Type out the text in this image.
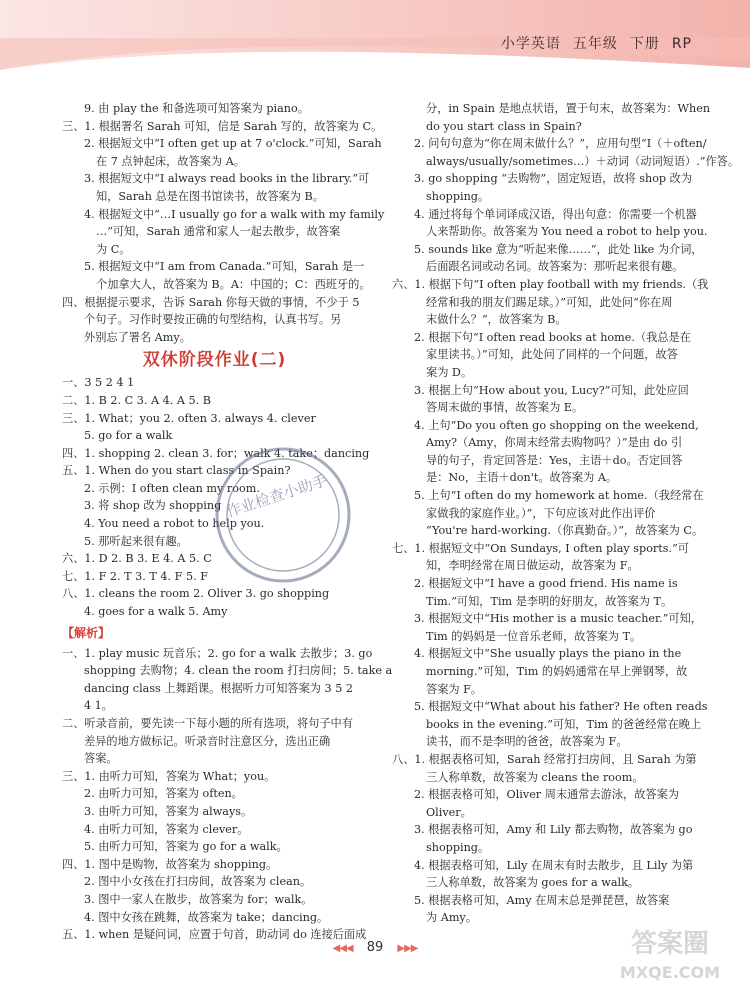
小学英语 五年级 下册 RP
9. 由 play the 和备选项可知答案为 piano。
三、1. 根据署名 Sarah 可知，信是 Sarah 写的，故答案为 C。
2. 根据短文中“I often get up at 7 o'clock.”可知，Sarah
在 7 点钟起床，故答案为 A。
3. 根据短文中“I always read books in the library.”可
知，Sarah 总是在图书馆读书，故答案为 B。
4. 根据短文中“…I usually go for a walk with my family
…”可知，Sarah 通常和家人一起去散步，故答案
为 C。
5. 根据短文中“I am from Canada.”可知，Sarah 是一
个加拿大人，故答案为 B。A：中国的；C：西班牙的。
四、根据提示要求，告诉 Sarah 你每天做的事情，不少于 5
个句子。习作时要按正确的句型结构，认真书写。另
外别忘了署名 Amy。
双休阶段作业(二)
一、3 5 2 4 1
二、1. B 2. C 3. A 4. A 5. B
三、1. What；you 2. often 3. always 4. clever
5. go for a walk
四、1. shopping 2. clean 3. for；walk 4. take；dancing
五、1. When do you start class in Spain?
2. 示例：I often clean my room.
3. 将 shop 改为 shopping
4. You need a robot to help you.
5. 那听起来很有趣。
六、1. D 2. B 3. E 4. A 5. C
七、1. F 2. T 3. T 4. F 5. F
八、1. cleans the room 2. Oliver 3. go shopping
4. goes for a walk 5. Amy
【解析】
一、1. play music 玩音乐；2. go for a walk 去散步；3. go
shopping 去购物；4. clean the room 打扫房间；5. take a
dancing class 上舞蹈课。根据听力可知答案为 3 5 2
4 1。
二、听录音前，要先读一下每小题的所有选项，将句子中有
差异的地方做标记。听录音时注意区分，选出正确
答案。
三、1. 由听力可知，答案为 What；you。
2. 由听力可知，答案为 often。
3. 由听力可知，答案为 always。
4. 由听力可知，答案为 clever。
5. 由听力可知，答案为 go for a walk。
四、1. 图中是购物，故答案为 shopping。
2. 图中小女孩在打扫房间，故答案为 clean。
3. 图中一家人在散步，故答案为 for；walk。
4. 图中女孩在跳舞，故答案为 take；dancing。
五、1. when 是疑问词，应置于句首，助动词 do 连接后面成
分，in Spain 是地点状语，置于句末，故答案为：When
do you start class in Spain?
2. 问句句意为“你在周末做什么？”，应用句型“I（＋often/
always/usually/sometimes…）＋动词（动词短语）.”作答。
3. go shopping “去购物”，固定短语，故将 shop 改为
shopping。
4. 通过将每个单词译成汉语，得出句意：你需要一个机器
人来帮助你。故答案为 You need a robot to help you.
5. sounds like 意为“听起来像……”，此处 like 为介词，
后面跟名词或动名词。故答案为：那听起来很有趣。
六、1. 根据下句“I often play football with my friends.（我
经常和我的朋友们踢足球。）”可知，此处问“你在周
末做什么？”，故答案为 B。
2. 根据下句“I often read books at home.（我总是在
家里读书。）”可知，此处问了同样的一个问题，故答
案为 D。
3. 根据上句“How about you, Lucy?”可知，此处应回
答周末做的事情，故答案为 E。
4. 上句“Do you often go shopping on the weekend,
Amy?（Amy，你周末经常去购物吗？）”是由 do 引
导的句子，肯定回答是：Yes，主语＋do。否定回答
是：No，主语＋don't。故答案为 A。
5. 上句“I often do my homework at home.（我经常在
家做我的家庭作业。）”，下句应该对此作出评价
“You're hard-working.（你真勤奋。）”，故答案为 C。
七、1. 根据短文中“On Sundays, I often play sports.”可
知，李明经常在周日做运动，故答案为 F。
2. 根据短文中“I have a good friend. His name is
Tim.”可知，Tim 是李明的好朋友，故答案为 T。
3. 根据短文中“His mother is a music teacher.”可知，
Tim 的妈妈是一位音乐老师，故答案为 T。
4. 根据短文中“She usually plays the piano in the
morning.”可知，Tim 的妈妈通常在早上弹钢琴，故
答案为 F。
5. 根据短文中“What about his father? He often reads
books in the evening.”可知，Tim 的爸爸经常在晚上
读书，而不是李明的爸爸，故答案为 F。
八、1. 根据表格可知，Sarah 经常打扫房间，且 Sarah 为第
三人称单数，故答案为 cleans the room。
2. 根据表格可知，Oliver 周末通常去游泳，故答案为
Oliver。
3. 根据表格可知，Amy 和 Lily 都去购物，故答案为 go
shopping。
4. 根据表格可知，Lily 在周末有时去散步，且 Lily 为第
三人称单数，故答案为 goes for a walk。
5. 根据表格可知，Amy 在周末总是弹琵琶，故答案
为 Amy。
作业检查小助手
◀◀◀ 89 ▶▶▶	答案圈
MXQE.COM
